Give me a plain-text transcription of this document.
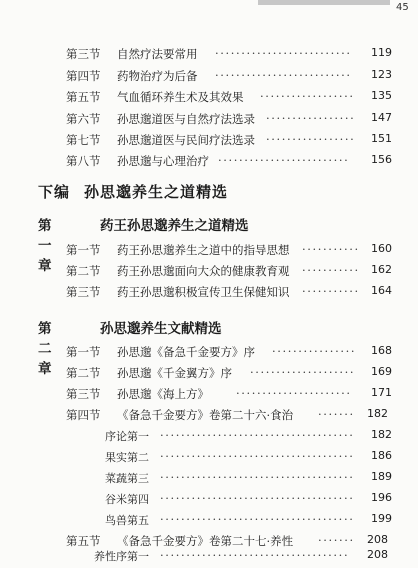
45
第三节 自然疗法要常用 ··························	119
第四节 药物治疗为后备 ··························	123
第五节 气血循环养生术及其效果 ··················	135
第六节 孙思邈道医与自然疗法选录 ·················	147
第七节 孙思邈道医与民间疗法选录 ·················	151
第八节 孙思邈与心理治疗 ·························	156
下编 孙思邈养生之道精选
第一章
药王孙思邈养生之道精选
第一节 药王孙思邈养生之道中的指导思想 ···········	160
第二节 药王孙思邈面向大众的健康教育观 ···········	162
第三节 药王孙思邈积极宣传卫生保健知识 ···········	164
第二章
孙思邈养生文献精选
第一节 孙思邈《备急千金要方》序 ················	168
第二节 孙思邈《千金翼方》序 ····················	169
第三节 孙思邈《海上方》 ······················	171
第四节 《备急千金要方》卷第二十六·食治 ·······	182
序论第一 ·····································	182
果实第二 ·····································	186
菜蔬第三 ·····································	189
谷米第四 ·····································	196
鸟兽第五 ·····································	199
第五节 《备急千金要方》卷第二十七·养性 ·······	208
养性序第一 ····································	208
